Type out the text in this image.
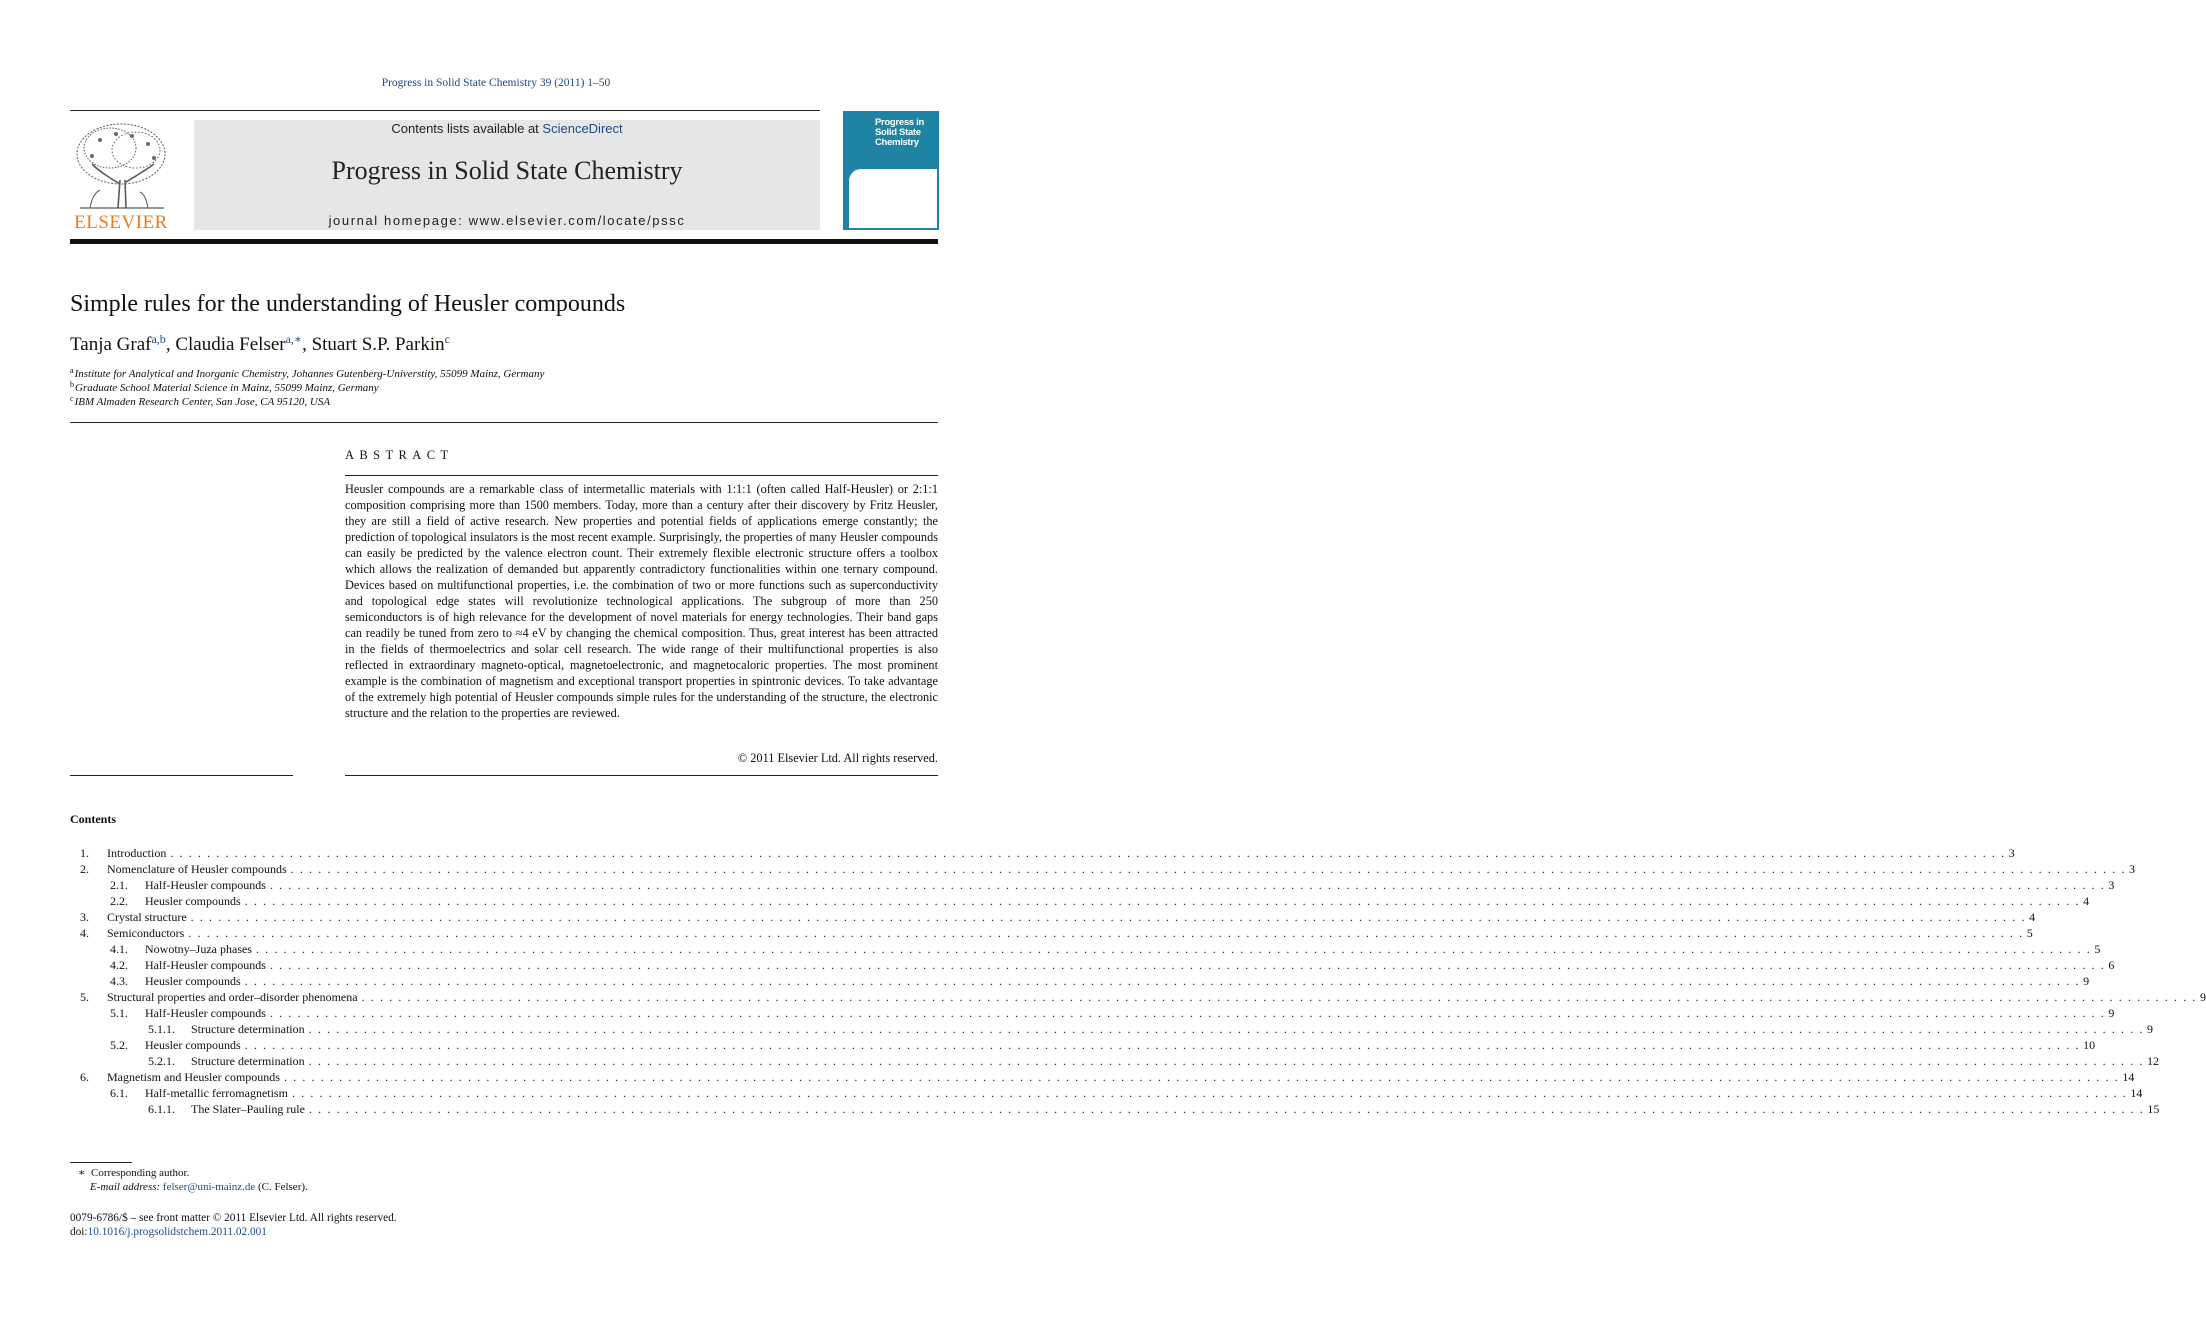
Progress in Solid State Chemistry 39 (2011) 1–50
ELSEVIER
Contents lists available at ScienceDirect
Progress in Solid State Chemistry
journal homepage: www.elsevier.com/locate/pssc
Progress in Solid State Chemistry
Simple rules for the understanding of Heusler compounds
Tanja Graf$^{a,b}$, Claudia Felser$^{a,∗}$, Stuart S.P. Parkin$^c$
$^a$Institute for Analytical and Inorganic Chemistry, Johannes Gutenberg-Universtity, 55099 Mainz, Germany
$^b$Graduate School Material Science in Mainz, 55099 Mainz, Germany
$^c$IBM Almaden Research Center, San Jose, CA 95120, USA
ABSTRACT
Heusler compounds are a remarkable class of intermetallic materials with 1:1:1 (often called Half-Heusler) or 2:1:1 composition comprising more than 1500 members. Today, more than a century after their discovery by Fritz Heusler, they are still a field of active research. New properties and potential fields of applications emerge constantly; the prediction of topological insulators is the most recent example. Surprisingly, the properties of many Heusler compounds can easily be predicted by the valence electron count. Their extremely flexible electronic structure offers a toolbox which allows the realization of demanded but apparently contradictory functionalities within one ternary compound. Devices based on multifunctional properties, i.e. the combination of two or more functions such as superconductivity and topological edge states will revolutionize technological applications. The subgroup of more than 250 semiconductors is of high relevance for the development of novel materials for energy technologies. Their band gaps can readily be tuned from zero to ≈4 eV by changing the chemical composition. Thus, great interest has been attracted in the fields of thermoelectrics and solar cell research. The wide range of their multifunctional properties is also reflected in extraordinary magneto-optical, magnetoelectronic, and magnetocaloric properties. The most prominent example is the combination of magnetism and exceptional transport properties in spintronic devices. To take advantage of the extremely high potential of Heusler compounds simple rules for the understanding of the structure, the electronic structure and the relation to the properties are reviewed.
© 2011 Elsevier Ltd. All rights reserved.
Contents
1.	Introduction . . . . . . . . . . . . . . . . . . . . . . . . . . . . . . . . . . . . . . . . . . . . . . . . . . . . . . . . . . . . . . . . . . . . . . . . . . . . . . . . . . . . . . . . . . . . . . . . . . . . . . . . . . . . . . . . . . . . . . . . . . . . . . . . . . . . . . . . . . . . . . . . . . . . . . . . . . . . . . . . . . . . . . . . . . . . . . . . . . . . . . . . . . . . . . . . . . . . . . . . 3
2.	Nomenclature of Heusler compounds . . . . . . . . . . . . . . . . . . . . . . . . . . . . . . . . . . . . . . . . . . . . . . . . . . . . . . . . . . . . . . . . . . . . . . . . . . . . . . . . . . . . . . . . . . . . . . . . . . . . . . . . . . . . . . . . . . . . . . . . . . . . . . . . . . . . . . . . . . . . . . . . . . . . . . . . . . . . . . . . . . . . . . . . . . . . . . . . . . . . . . . . . . . . . . . . . . . . . . . . 3
2.1.	Half-Heusler compounds . . . . . . . . . . . . . . . . . . . . . . . . . . . . . . . . . . . . . . . . . . . . . . . . . . . . . . . . . . . . . . . . . . . . . . . . . . . . . . . . . . . . . . . . . . . . . . . . . . . . . . . . . . . . . . . . . . . . . . . . . . . . . . . . . . . . . . . . . . . . . . . . . . . . . . . . . . . . . . . . . . . . . . . . . . . . . . . . . . . . . . . . . . . . . . . . . . . . . . . . 3
2.2.	Heusler compounds . . . . . . . . . . . . . . . . . . . . . . . . . . . . . . . . . . . . . . . . . . . . . . . . . . . . . . . . . . . . . . . . . . . . . . . . . . . . . . . . . . . . . . . . . . . . . . . . . . . . . . . . . . . . . . . . . . . . . . . . . . . . . . . . . . . . . . . . . . . . . . . . . . . . . . . . . . . . . . . . . . . . . . . . . . . . . . . . . . . . . . . . . . . . . . . . . . . . . . . . 4
3.	Crystal structure . . . . . . . . . . . . . . . . . . . . . . . . . . . . . . . . . . . . . . . . . . . . . . . . . . . . . . . . . . . . . . . . . . . . . . . . . . . . . . . . . . . . . . . . . . . . . . . . . . . . . . . . . . . . . . . . . . . . . . . . . . . . . . . . . . . . . . . . . . . . . . . . . . . . . . . . . . . . . . . . . . . . . . . . . . . . . . . . . . . . . . . . . . . . . . . . . . . . . . . . 4
4.	Semiconductors . . . . . . . . . . . . . . . . . . . . . . . . . . . . . . . . . . . . . . . . . . . . . . . . . . . . . . . . . . . . . . . . . . . . . . . . . . . . . . . . . . . . . . . . . . . . . . . . . . . . . . . . . . . . . . . . . . . . . . . . . . . . . . . . . . . . . . . . . . . . . . . . . . . . . . . . . . . . . . . . . . . . . . . . . . . . . . . . . . . . . . . . . . . . . . . . . . . . . . . . 5
4.1.	Nowotny–Juza phases . . . . . . . . . . . . . . . . . . . . . . . . . . . . . . . . . . . . . . . . . . . . . . . . . . . . . . . . . . . . . . . . . . . . . . . . . . . . . . . . . . . . . . . . . . . . . . . . . . . . . . . . . . . . . . . . . . . . . . . . . . . . . . . . . . . . . . . . . . . . . . . . . . . . . . . . . . . . . . . . . . . . . . . . . . . . . . . . . . . . . . . . . . . . . . . . . . . . . . . . 5
4.2.	Half-Heusler compounds . . . . . . . . . . . . . . . . . . . . . . . . . . . . . . . . . . . . . . . . . . . . . . . . . . . . . . . . . . . . . . . . . . . . . . . . . . . . . . . . . . . . . . . . . . . . . . . . . . . . . . . . . . . . . . . . . . . . . . . . . . . . . . . . . . . . . . . . . . . . . . . . . . . . . . . . . . . . . . . . . . . . . . . . . . . . . . . . . . . . . . . . . . . . . . . . . . . . . . . . 6
4.3.	Heusler compounds . . . . . . . . . . . . . . . . . . . . . . . . . . . . . . . . . . . . . . . . . . . . . . . . . . . . . . . . . . . . . . . . . . . . . . . . . . . . . . . . . . . . . . . . . . . . . . . . . . . . . . . . . . . . . . . . . . . . . . . . . . . . . . . . . . . . . . . . . . . . . . . . . . . . . . . . . . . . . . . . . . . . . . . . . . . . . . . . . . . . . . . . . . . . . . . . . . . . . . . . 9
5.	Structural properties and order–disorder phenomena . . . . . . . . . . . . . . . . . . . . . . . . . . . . . . . . . . . . . . . . . . . . . . . . . . . . . . . . . . . . . . . . . . . . . . . . . . . . . . . . . . . . . . . . . . . . . . . . . . . . . . . . . . . . . . . . . . . . . . . . . . . . . . . . . . . . . . . . . . . . . . . . . . . . . . . . . . . . . . . . . . . . . . . . . . . . . . . . . . . . . . . . . . . . . . . . . . . . . . . . 9
5.1.	Half-Heusler compounds . . . . . . . . . . . . . . . . . . . . . . . . . . . . . . . . . . . . . . . . . . . . . . . . . . . . . . . . . . . . . . . . . . . . . . . . . . . . . . . . . . . . . . . . . . . . . . . . . . . . . . . . . . . . . . . . . . . . . . . . . . . . . . . . . . . . . . . . . . . . . . . . . . . . . . . . . . . . . . . . . . . . . . . . . . . . . . . . . . . . . . . . . . . . . . . . . . . . . . . . 9
5.1.1.	Structure determination . . . . . . . . . . . . . . . . . . . . . . . . . . . . . . . . . . . . . . . . . . . . . . . . . . . . . . . . . . . . . . . . . . . . . . . . . . . . . . . . . . . . . . . . . . . . . . . . . . . . . . . . . . . . . . . . . . . . . . . . . . . . . . . . . . . . . . . . . . . . . . . . . . . . . . . . . . . . . . . . . . . . . . . . . . . . . . . . . . . . . . . . . . . . . . . . . . . . . . . . 9
5.2.	Heusler compounds . . . . . . . . . . . . . . . . . . . . . . . . . . . . . . . . . . . . . . . . . . . . . . . . . . . . . . . . . . . . . . . . . . . . . . . . . . . . . . . . . . . . . . . . . . . . . . . . . . . . . . . . . . . . . . . . . . . . . . . . . . . . . . . . . . . . . . . . . . . . . . . . . . . . . . . . . . . . . . . . . . . . . . . . . . . . . . . . . . . . . . . . . . . . . . . . . . . . . . . . 10
5.2.1.	Structure determination . . . . . . . . . . . . . . . . . . . . . . . . . . . . . . . . . . . . . . . . . . . . . . . . . . . . . . . . . . . . . . . . . . . . . . . . . . . . . . . . . . . . . . . . . . . . . . . . . . . . . . . . . . . . . . . . . . . . . . . . . . . . . . . . . . . . . . . . . . . . . . . . . . . . . . . . . . . . . . . . . . . . . . . . . . . . . . . . . . . . . . . . . . . . . . . . . . . . . . . . 12
6.	Magnetism and Heusler compounds . . . . . . . . . . . . . . . . . . . . . . . . . . . . . . . . . . . . . . . . . . . . . . . . . . . . . . . . . . . . . . . . . . . . . . . . . . . . . . . . . . . . . . . . . . . . . . . . . . . . . . . . . . . . . . . . . . . . . . . . . . . . . . . . . . . . . . . . . . . . . . . . . . . . . . . . . . . . . . . . . . . . . . . . . . . . . . . . . . . . . . . . . . . . . . . . . . . . . . . . 14
6.1.	Half-metallic ferromagnetism . . . . . . . . . . . . . . . . . . . . . . . . . . . . . . . . . . . . . . . . . . . . . . . . . . . . . . . . . . . . . . . . . . . . . . . . . . . . . . . . . . . . . . . . . . . . . . . . . . . . . . . . . . . . . . . . . . . . . . . . . . . . . . . . . . . . . . . . . . . . . . . . . . . . . . . . . . . . . . . . . . . . . . . . . . . . . . . . . . . . . . . . . . . . . . . . . . . . . . . . 14
6.1.1.	The Slater–Pauling rule . . . . . . . . . . . . . . . . . . . . . . . . . . . . . . . . . . . . . . . . . . . . . . . . . . . . . . . . . . . . . . . . . . . . . . . . . . . . . . . . . . . . . . . . . . . . . . . . . . . . . . . . . . . . . . . . . . . . . . . . . . . . . . . . . . . . . . . . . . . . . . . . . . . . . . . . . . . . . . . . . . . . . . . . . . . . . . . . . . . . . . . . . . . . . . . . . . . . . . . . 15
∗ Corresponding author.
E-mail address: felser@uni-mainz.de (C. Felser).
0079-6786/$ – see front matter © 2011 Elsevier Ltd. All rights reserved.
doi:10.1016/j.progsolidstchem.2011.02.001
